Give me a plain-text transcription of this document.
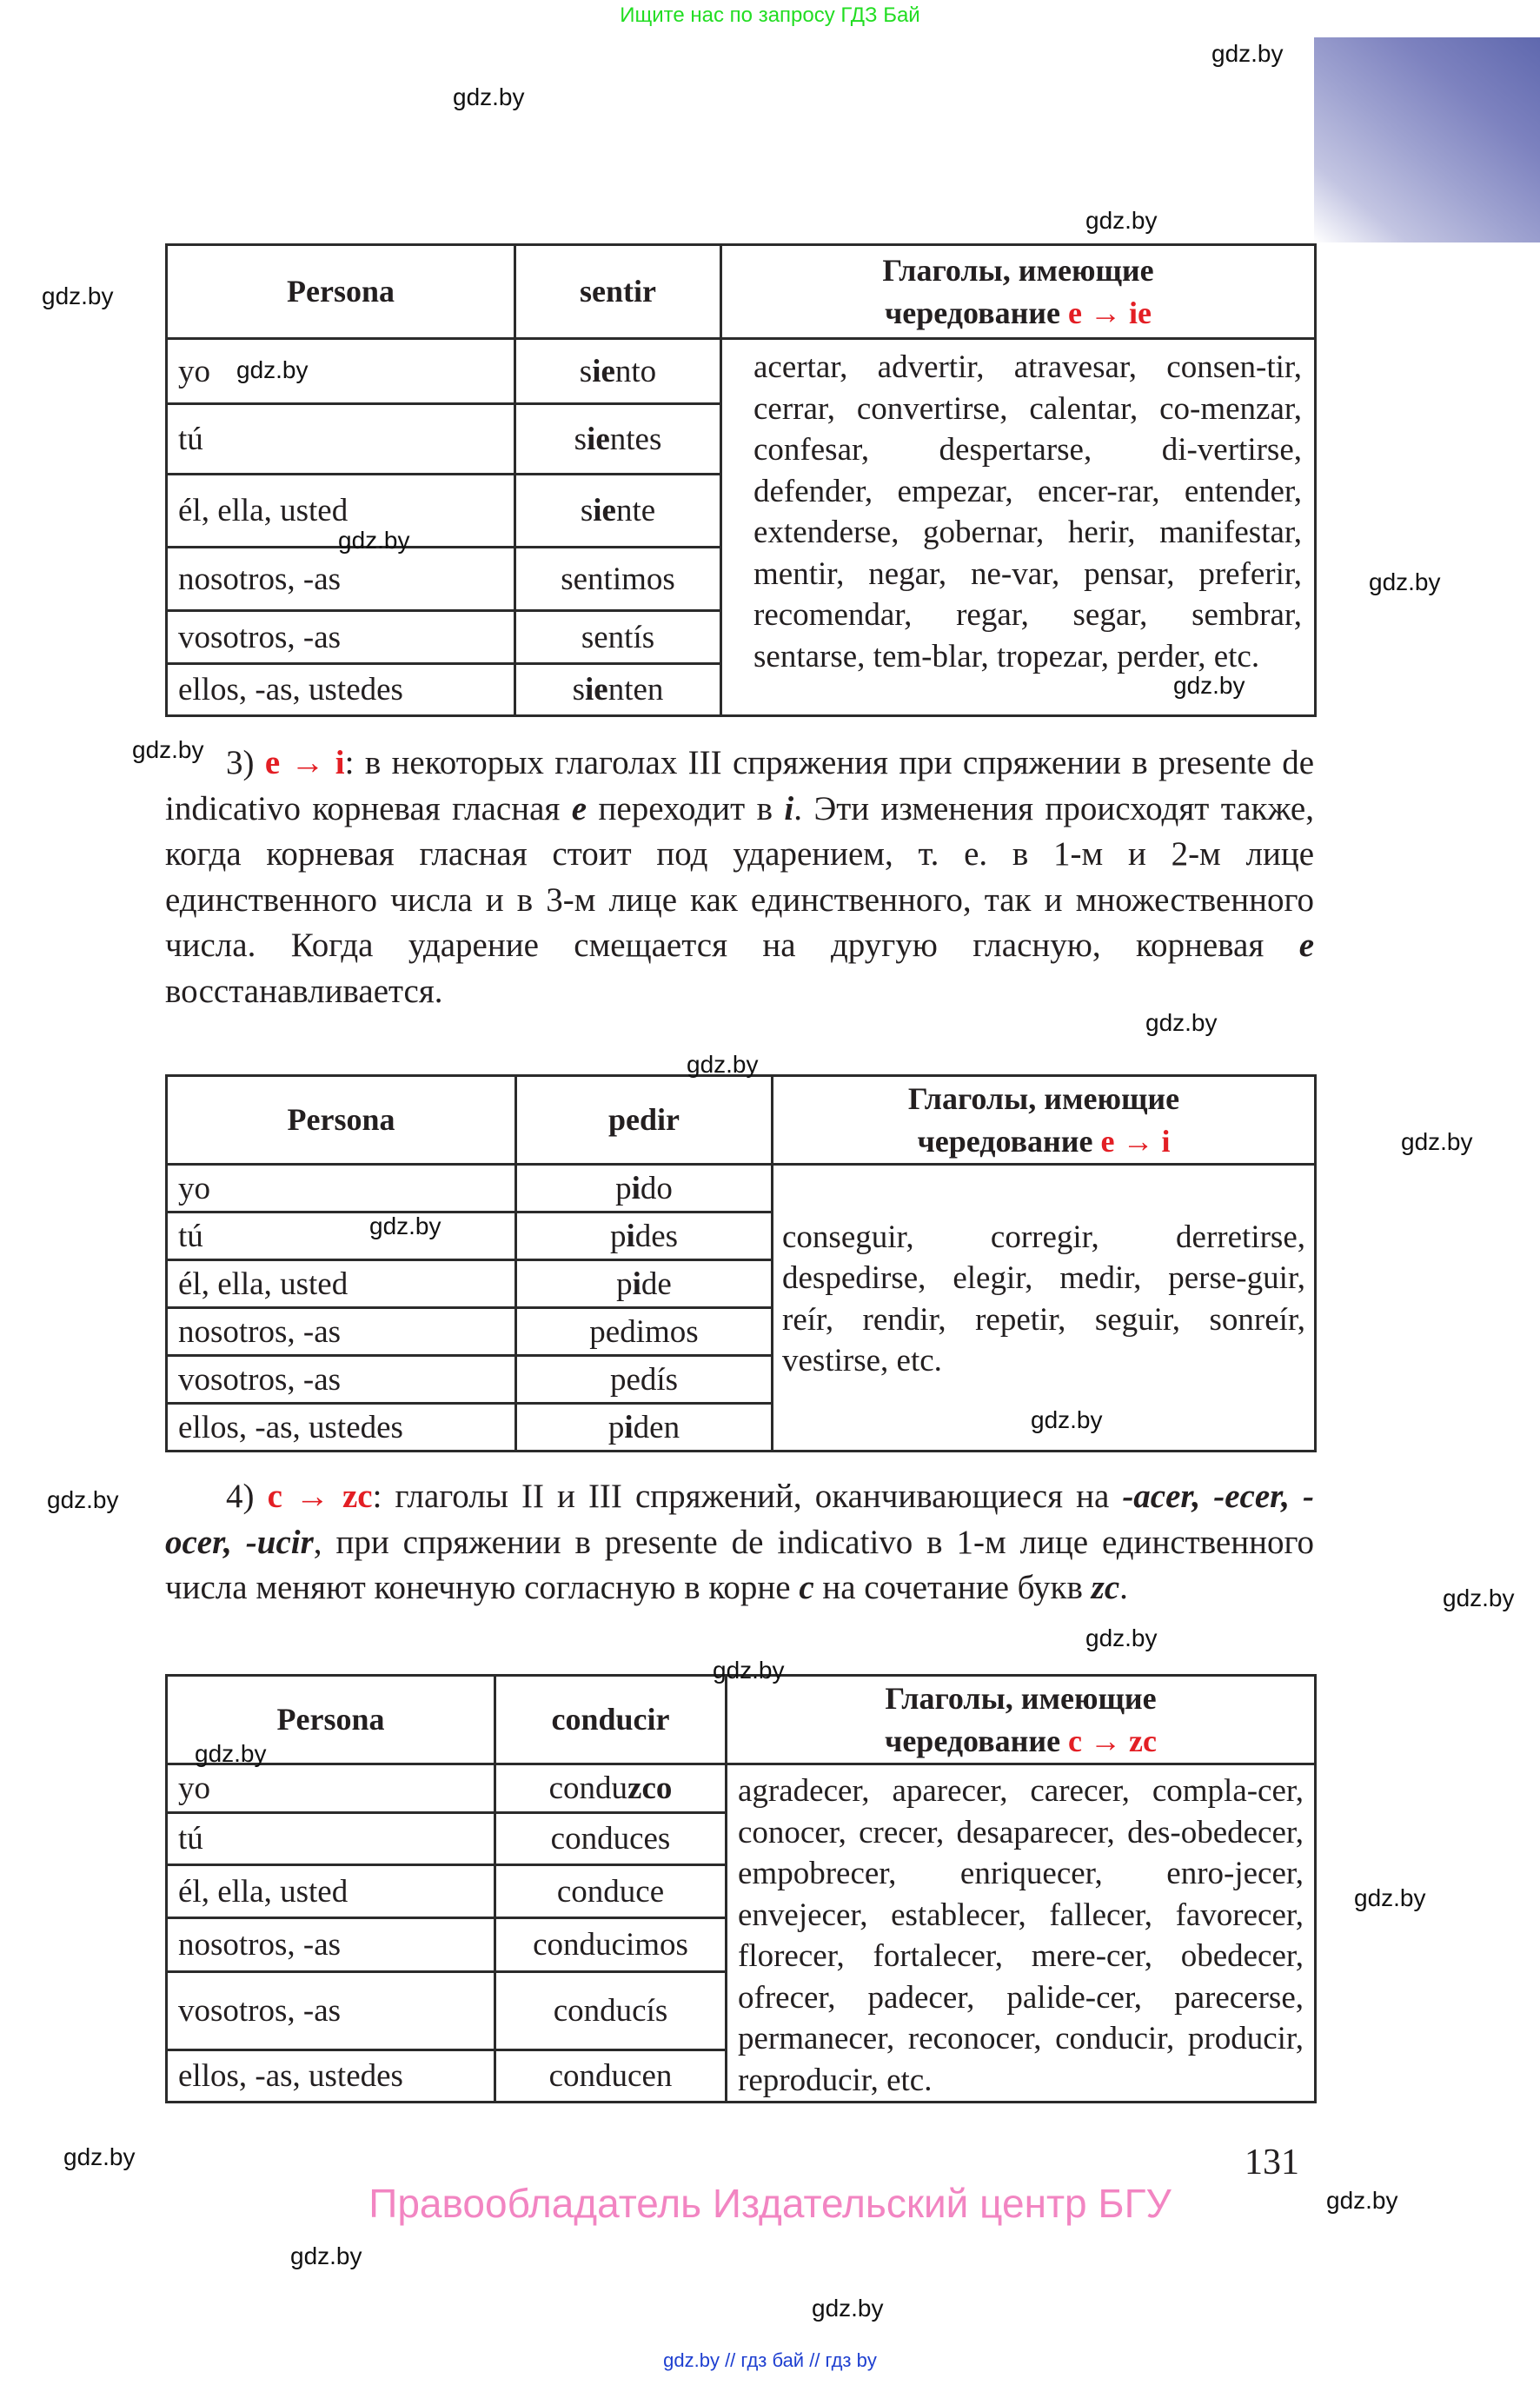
Ищите нас по запросу ГДЗ Бай
Persona	sentir	Глаголы, имеющие
чередование e → ie
yo	siento	acertar, advertir, atravesar, consen-tir, cerrar, convertirse, calentar, co-menzar, confesar, despertarse, di-vertirse, defender, empezar, encer-rar, entender, extenderse, gobernar, herir, manifestar, mentir, negar, ne-var, pensar, preferir, recomendar, regar, segar, sembrar, sentarse, tem-blar, tropezar, perder, etc.
tú	sientes	
él, ella, usted	siente	
nosotros, -as	sentimos	
vosotros, -as	sentís	
ellos, -as, ustedes	sienten	
3) e → i: в некоторых глаголах III спряжения при спряжении в presente de indicativo корневая гласная e переходит в i. Эти изменения происходят также, когда корневая гласная стоит под ударением, т. е. в 1-м и 2-м лице единственного числа и в 3-м лице как единственного, так и множественного числа. Когда ударение смещается на другую гласную, корневая e восстанавливается.
Persona	pedir	Глаголы, имеющие
чередование e → i
yo	pido	conseguir, corregir, derretirse, despedirse, elegir, medir, perse-guir, reír, rendir, repetir, seguir, sonreír, vestirse, etc.
tú	pides	
él, ella, usted	pide	
nosotros, -as	pedimos	
vosotros, -as	pedís	
ellos, -as, ustedes	piden	
4) c → zc: глаголы II и III спряжений, оканчивающиеся на -acer, -ecer, -ocer, -ucir, при спряжении в presente de indicativo в 1-м лице единственного числа меняют конечную согласную в корне c на сочетание букв zc.
Persona	conducir	Глаголы, имеющие
чередование c → zc
yo	conduzco	agradecer, aparecer, carecer, compla-cer, conocer, crecer, desaparecer, des-obedecer, empobrecer, enriquecer, enro-jecer, envejecer, establecer, fallecer, favorecer, florecer, fortalecer, mere-cer, obedecer, ofrecer, padecer, palide-cer, parecerse, permanecer, reconocer, conducir, producir, reproducir, etc.
tú	conduces	
él, ella, usted	conduce	
nosotros, -as	conducimos	
vosotros, -as	conducís	
ellos, -as, ustedes	conducen	
131
Правообладатель Издательский центр БГУ
gdz.by // гдз бай // гдз by
gdz.by
gdz.by
gdz.by
gdz.by
gdz.by
gdz.by
gdz.by
gdz.by
gdz.by
gdz.by
gdz.by
gdz.by
gdz.by
gdz.by
gdz.by
gdz.by
gdz.by
gdz.by
gdz.by
gdz.by
gdz.by
gdz.by
gdz.by
gdz.by
